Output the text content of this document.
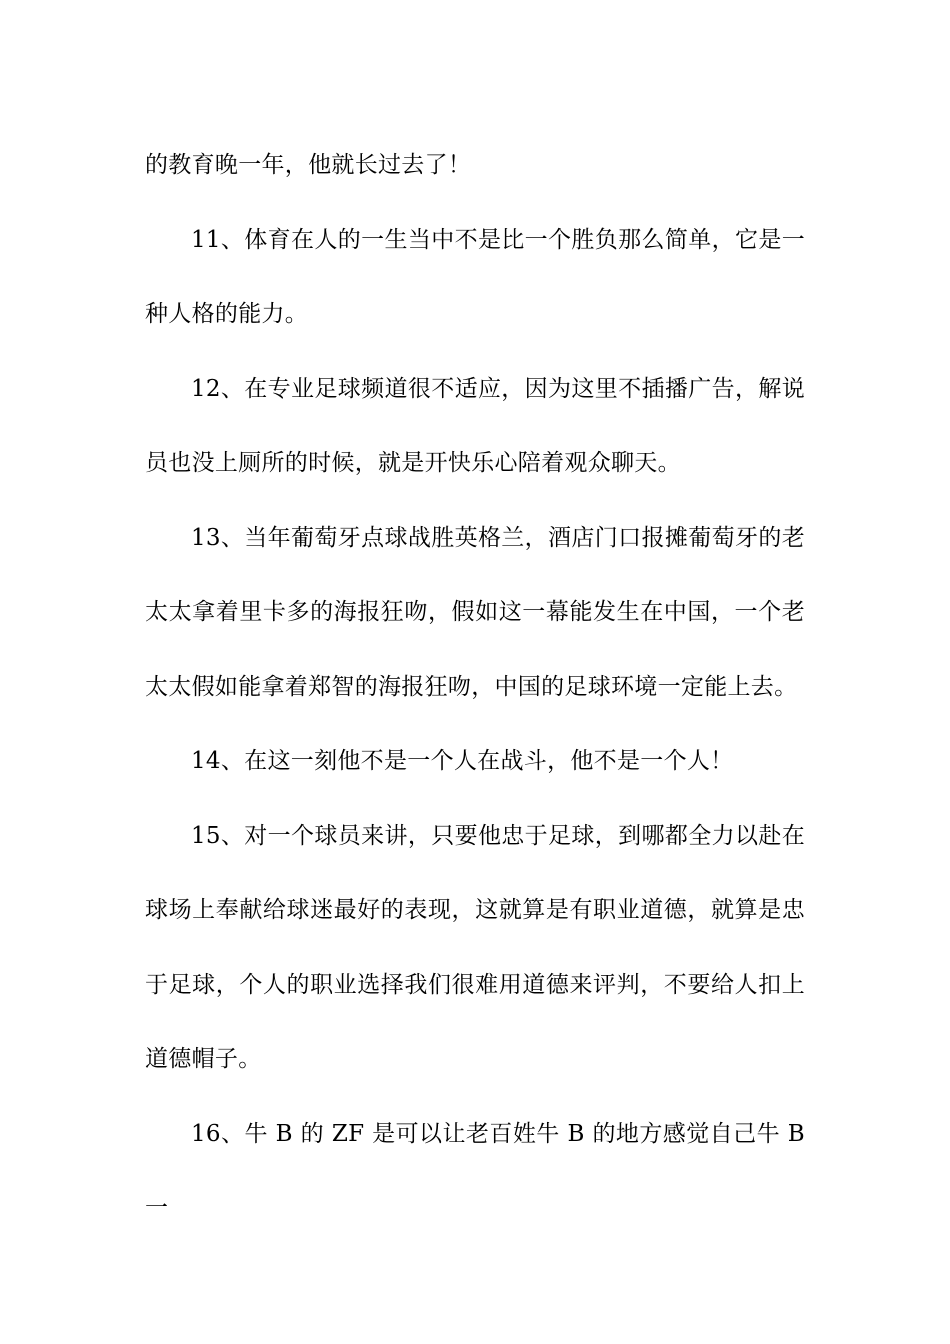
的教育晚一年，他就长过去了！

11、体育在人的一生当中不是比一个胜负那么简单，它是一种人格的能力。

12、在专业足球频道很不适应，因为这里不插播广告，解说员也没上厕所的时候，就是开快乐心陪着观众聊天。

13、当年葡萄牙点球战胜英格兰，酒店门口报摊葡萄牙的老太太拿着里卡多的海报狂吻，假如这一幕能发生在中国，一个老太太假如能拿着郑智的海报狂吻，中国的足球环境一定能上去。

14、在这一刻他不是一个人在战斗，他不是一个人！

15、对一个球员来讲，只要他忠于足球，到哪都全力以赴在球场上奉献给球迷最好的表现，这就算是有职业道德，就算是忠于足球，个人的职业选择我们很难用道德来评判，不要给人扣上道德帽子。

16、牛 B 的 ZF 是可以让老百姓牛 B 的地方感觉自己牛 B 一
